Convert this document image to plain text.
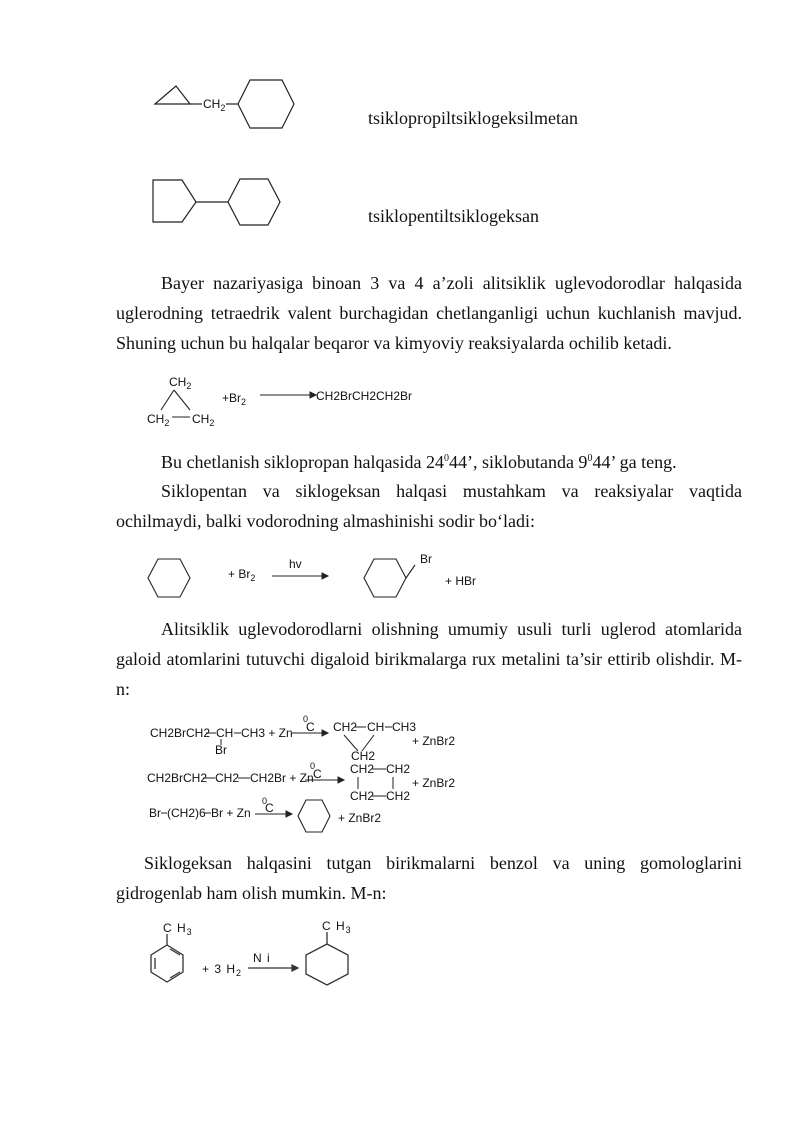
$CH_2$
$CH_2$
$CH_2$ $CH_2$
$+Br_2$	CH2BrCH2CH2Br
+ $Br_2$
hv	Br
+ HBr
CH2BrCH2 CH CH3 + Zn
Br
0
C CH2 CH CH3
CH2
+ ZnBr2
CH2BrCH2 CH2 CH2Br + Zn
0
C CH2 CH2
CH2 CH2
+ ZnBr2
Br (CH2)6 Br + Zn
0
C
+ ZnBr2
C $H_3$
+ 3 $H_2$
N i
C $H_3$
tsiklopropiltsiklogeksilmetan
tsiklopentiltsiklogeksan
Bayer nazariyasiga binoan 3 va 4 a’zoli alitsiklik uglevodorodlar halqasida uglerodning tetraedrik valent burchagidan chetlanganligi uchun kuchlanish mavjud. Shuning uchun bu halqalar beqaror va kimyoviy reaksiyalarda ochilib ketadi.
Bu chetlanish siklopropan halqasida $24^044$’, siklobutanda $9^044$’ ga teng.
Siklopentan va siklogeksan halqasi mustahkam va reaksiyalar vaqtida ochilmaydi, balki vodorodning almashinishi sodir bo‘ladi:
Alitsiklik uglevodorodlarni olishning umumiy usuli turli uglerod atomlarida galoid atomlarini tutuvchi digaloid birikmalarga rux metalini ta’sir ettirib olishdir. M-n:
Siklogeksan halqasini tutgan birikmalarni benzol va uning gomologlarini gidrogenlab ham olish mumkin. M-n:
